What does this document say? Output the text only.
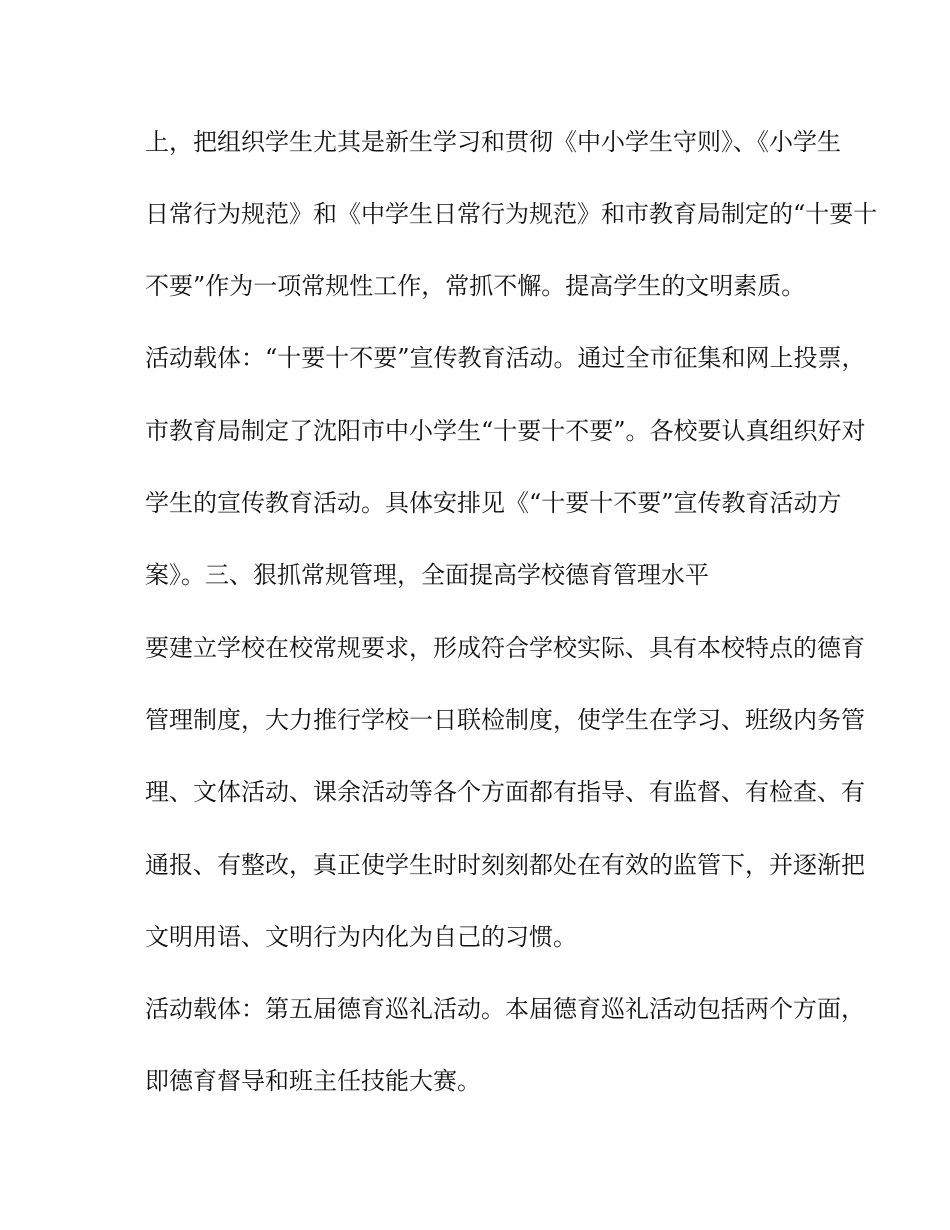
上，把组织学生尤其是新生学习和贯彻《中小学生守则》、《小学生
日常行为规范》和《中学生日常行为规范》和市教育局制定的“十要十
不要”作为一项常规性工作，常抓不懈。提高学生的文明素质。
活动载体：“十要十不要”宣传教育活动。通过全市征集和网上投票，
市教育局制定了沈阳市中小学生“十要十不要”。各校要认真组织好对
学生的宣传教育活动。具体安排见《“十要十不要”宣传教育活动方
案》。三、狠抓常规管理，全面提高学校德育管理水平
要建立学校在校常规要求，形成符合学校实际、具有本校特点的德育
管理制度，大力推行学校一日联检制度，使学生在学习、班级内务管
理、文体活动、课余活动等各个方面都有指导、有监督、有检查、有
通报、有整改，真正使学生时时刻刻都处在有效的监管下，并逐渐把
文明用语、文明行为内化为自己的习惯。
活动载体：第五届德育巡礼活动。本届德育巡礼活动包括两个方面，
即德育督导和班主任技能大赛。
